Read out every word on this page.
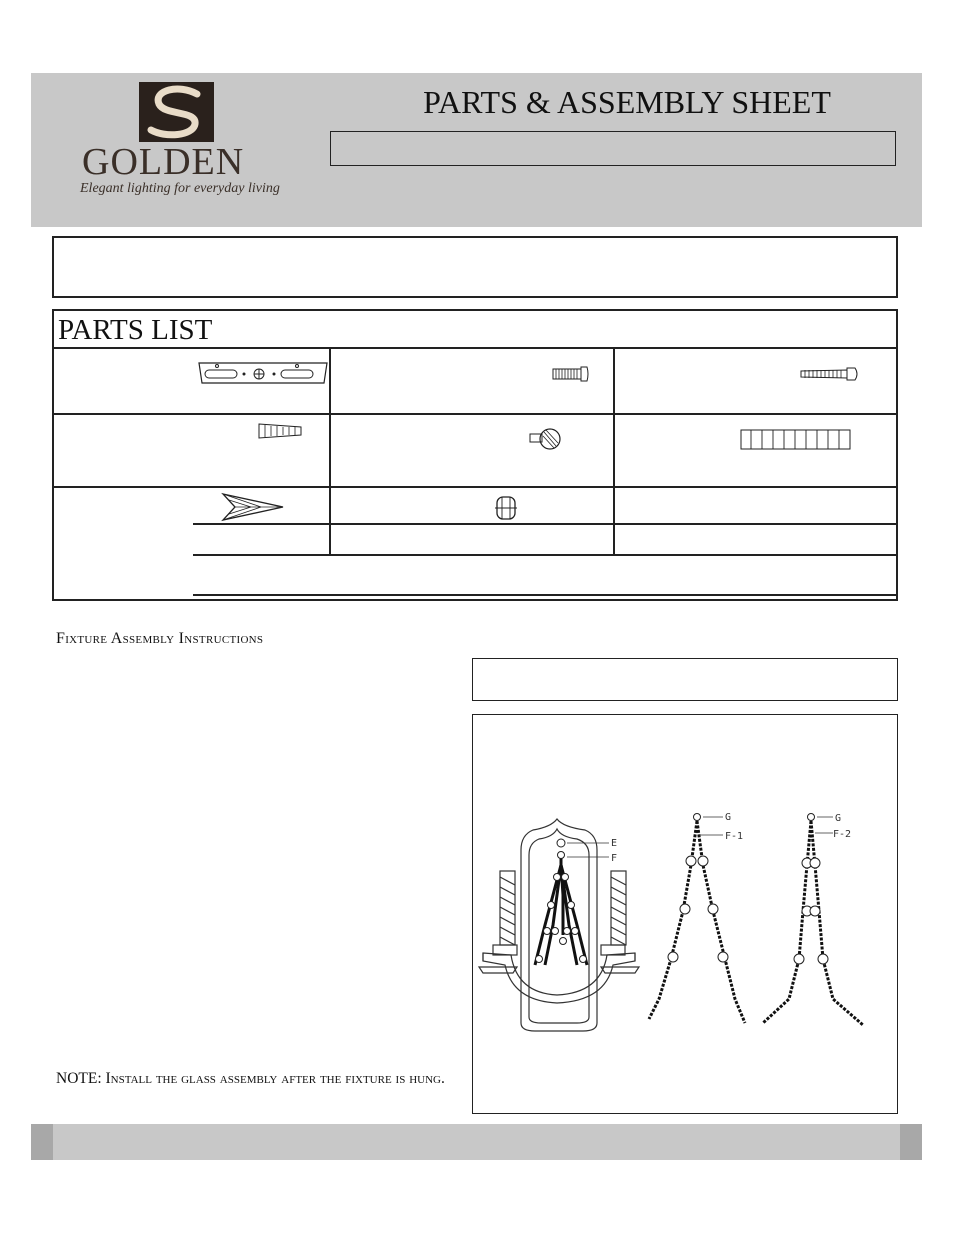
GOLDEN
Elegant lighting for everyday living
PARTS & ASSEMBLY SHEET
PARTS LIST
Fixture Assembly Instructions
E
F
G
F-1
G
F-2
NOTE: Install the glass assembly after the fixture is hung.
